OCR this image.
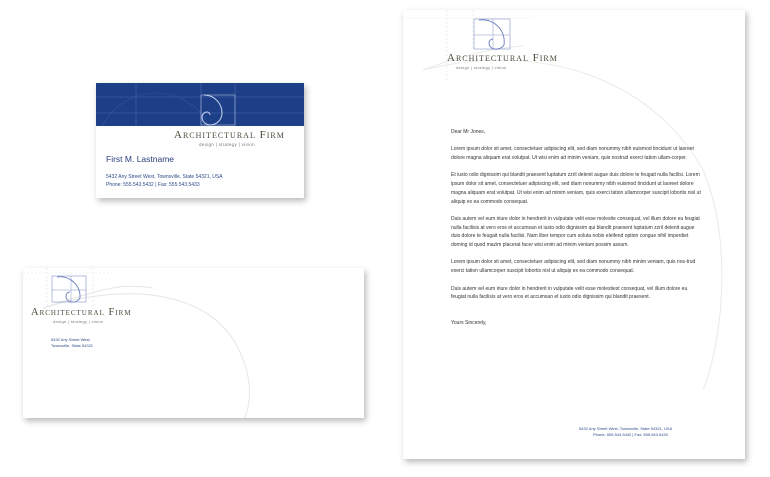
Architectural Firm
design | strategy | vision
First M. Lastname
5432 Any Street West, Townsville, State 54321, USA
Phone: 555.543.5432 | Fax: 555.543.5433
Architectural Firm
design | strategy | vision
5432 Any Street West
Townsville, State 54321
Architectural Firm
design | strategy | vision

Dear Mr Jones,

Lorem ipsum dolor sit amet, consectetuer adipiscing elit, sed diam nonummy nibh euismod tincidunt ut laoreet dolore magna aliquam erat volutpat. Ut wisi enim ad minim veniam, quis nostrud exerci tation ullam-corper.

Et iusto odio dignissim qui blandit praesent luptatum zzril delenit augue duis dolore te feugait nulla facilisi. Lorem ipsum dolor sit amet, consectetuer adipiscing elit, sed diam nonummy nibh euismod tincidunt ut laoreet dolore magna aliquam erat volutpat. Ut wisi enim ad minim veniam, quis exerci tation ullamcorper suscipit lobortis nisl ut aliquip ex ea commodo consequat.

Duis autem vel eum iriure dolor in hendrerit in vulputate velit esse molestie consequat, vel illum dolore eu feugiat nulla facilisis at vero eros et accumsan et iusto odio dignissim qui blandit praesent luptatum zzril delenit augue duis dolore te feugait nulla facilisi. Nam liber tempor cum soluta nobis eleifend option congue nihil imperdiet doming id quod mazim placerat facer wisi enim ad minim veniam possim assum.

Lorem ipsum dolor sit amet, consectetuer adipiscing elit, sed diam nonummy nibh minim veniam, quis nos-trud exerci tation ullamcorper suscipit lobortis nisl ut aliquip ex ea commodo consequat.

Duis autem vel eum iriure dolor in hendrerit in vulputate velit esse molestiest consequat, vel illum dolore eu feugiat nulla facilisis at vero eros et accumsan et iusto odio dignissim qui blandit praesent.

Yours Sincerely,

5432 Any Street West, Townsville, State 54321, USA
Phone: 555.543.5432 | Fax: 555.543.5433
